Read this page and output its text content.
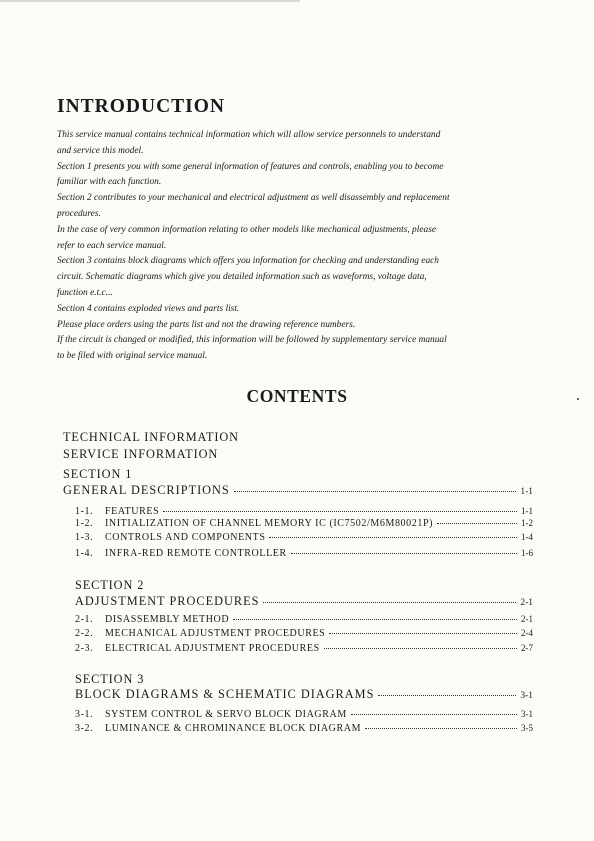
INTRODUCTION
This service manual contains technical information which will allow service personnels to understand
and service this model.
Section 1 presents you with some general information of features and controls, enabling you to become
familiar with each function.
Section 2 contributes to your mechanical and electrical adjustment as well disassembly and replacement
procedures.
In the case of very common information relating to other models like mechanical adjustments, please
refer to each service manual.
Section 3 contains block diagrams which offers you information for checking and understanding each
circuit. Schematic diagrams which give you detailed information such as waveforms, voltage data,
function e.t.c...
Section 4 contains exploded views and parts list.
Please place orders using the parts list and not the drawing reference numbers.
If the circuit is changed or modified, this information will be followed by supplementary service manual
to be filed with original service manual.
CONTENTS
TECHNICAL INFORMATION
SERVICE INFORMATION
SECTION 1
GENERAL DESCRIPTIONS	1-1
1-1.	FEATURES	1-1
1-2.	INITIALIZATION OF CHANNEL MEMORY IC (IC7502/M6M80021P)	1-2
1-3.	CONTROLS AND COMPONENTS	1-4
1-4.	INFRA-RED REMOTE CONTROLLER	1-6
SECTION 2
ADJUSTMENT PROCEDURES	2-1
2-1.	DISASSEMBLY METHOD	2-1
2-2.	MECHANICAL ADJUSTMENT PROCEDURES	2-4
2-3.	ELECTRICAL ADJUSTMENT PROCEDURES	2-7
SECTION 3
BLOCK DIAGRAMS & SCHEMATIC DIAGRAMS	3-1
3-1.	SYSTEM CONTROL & SERVO BLOCK DIAGRAM	3-1
3-2.	LUMINANCE & CHROMINANCE BLOCK DIAGRAM	3-5
